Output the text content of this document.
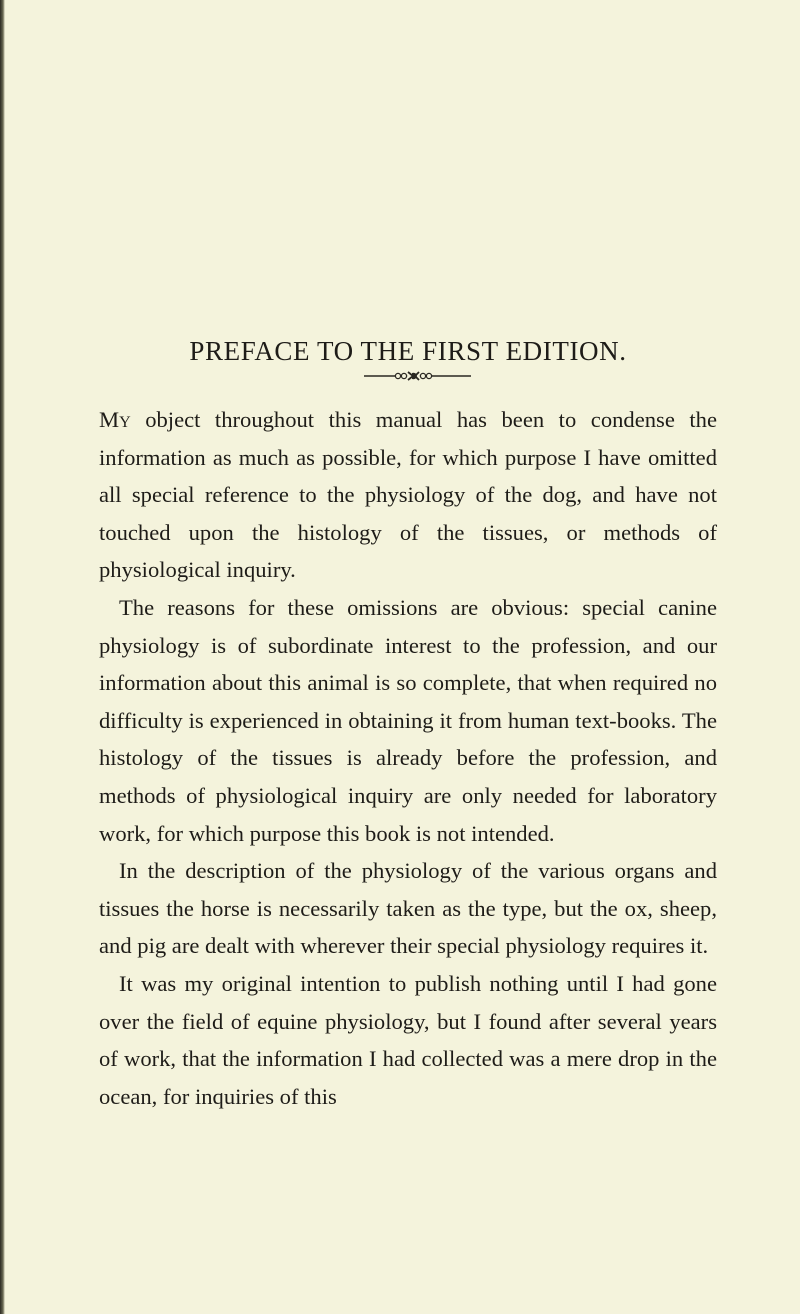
PREFACE TO THE FIRST EDITION.

My object throughout this manual has been to condense the information as much as possible, for which purpose I have omitted all special reference to the physiology of the dog, and have not touched upon the histology of the tissues, or methods of physiological inquiry.

The reasons for these omissions are obvious: special canine physiology is of subordinate interest to the profession, and our information about this animal is so complete, that when required no difficulty is experienced in obtaining it from human text-books. The histology of the tissues is already before the profession, and methods of physiological inquiry are only needed for laboratory work, for which purpose this book is not intended.

In the description of the physiology of the various organs and tissues the horse is necessarily taken as the type, but the ox, sheep, and pig are dealt with wherever their special physiology requires it.

It was my original intention to publish nothing until I had gone over the field of equine physiology, but I found after several years of work, that the information I had collected was a mere drop in the ocean, for inquiries of this
